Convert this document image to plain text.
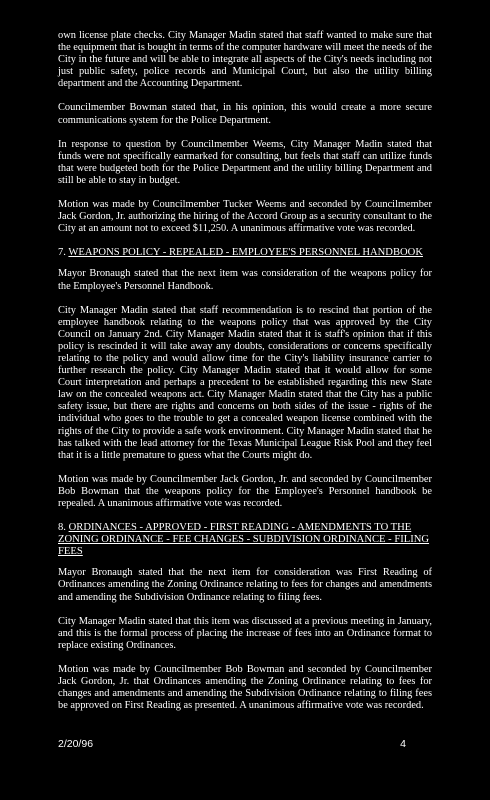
own license plate checks. City Manager Madin stated that staff wanted to make sure that the equipment that is bought in terms of the computer hardware will meet the needs of the City in the future and will be able to integrate all aspects of the City's needs including not just public safety, police records and Municipal Court, but also the utility billing department and the Accounting Department.

Councilmember Bowman stated that, in his opinion, this would create a more secure communications system for the Police Department.

In response to question by Councilmember Weems, City Manager Madin stated that funds were not specifically earmarked for consulting, but feels that staff can utilize funds that were budgeted both for the Police Department and the utility billing Department and still be able to stay in budget.

Motion was made by Councilmember Tucker Weems and seconded by Councilmember Jack Gordon, Jr. authorizing the hiring of the Accord Group as a security consultant to the City at an amount not to exceed $11,250. A unanimous affirmative vote was recorded.

7. WEAPONS POLICY - REPEALED - EMPLOYEE'S PERSONNEL HANDBOOK

Mayor Bronaugh stated that the next item was consideration of the weapons policy for the Employee's Personnel Handbook.

City Manager Madin stated that staff recommendation is to rescind that portion of the employee handbook relating to the weapons policy that was approved by the City Council on January 2nd. City Manager Madin stated that it is staff's opinion that if this policy is rescinded it will take away any doubts, considerations or concerns specifically relating to the policy and would allow time for the City's liability insurance carrier to further research the policy. City Manager Madin stated that it would allow for some Court interpretation and perhaps a precedent to be established regarding this new State law on the concealed weapons act. City Manager Madin stated that the City has a public safety issue, but there are rights and concerns on both sides of the issue - rights of the individual who goes to the trouble to get a concealed weapon license combined with the rights of the City to provide a safe work environment. City Manager Madin stated that he has talked with the lead attorney for the Texas Municipal League Risk Pool and they feel that it is a little premature to guess what the Courts might do.

Motion was made by Councilmember Jack Gordon, Jr. and seconded by Councilmember Bob Bowman that the weapons policy for the Employee's Personnel handbook be repealed. A unanimous affirmative vote was recorded.

8. ORDINANCES - APPROVED - FIRST READING - AMENDMENTS TO THE ZONING ORDINANCE - FEE CHANGES - SUBDIVISION ORDINANCE - FILING FEES

Mayor Bronaugh stated that the next item for consideration was First Reading of Ordinances amending the Zoning Ordinance relating to fees for changes and amendments and amending the Subdivision Ordinance relating to filing fees.

City Manager Madin stated that this item was discussed at a previous meeting in January, and this is the formal process of placing the increase of fees into an Ordinance format to replace existing Ordinances.

Motion was made by Councilmember Bob Bowman and seconded by Councilmember Jack Gordon, Jr. that Ordinances amending the Zoning Ordinance relating to fees for changes and amendments and amending the Subdivision Ordinance relating to filing fees be approved on First Reading as presented. A unanimous affirmative vote was recorded.

2/20/96	4
